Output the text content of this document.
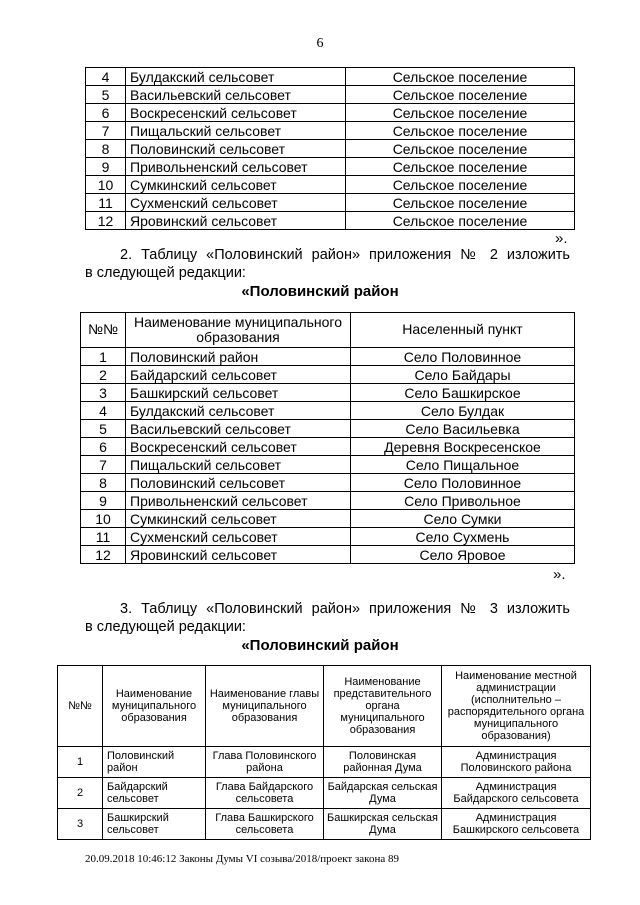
6
4	Булдакский сельсовет	Сельское поселение
5	Васильевский сельсовет	Сельское поселение
6	Воскресенский сельсовет	Сельское поселение
7	Пищальский сельсовет	Сельское поселение
8	Половинский сельсовет	Сельское поселение
9	Привольненский сельсовет	Сельское поселение
10	Сумкинский сельсовет	Сельское поселение
11	Сухменский сельсовет	Сельское поселение
12	Яровинский сельсовет	Сельское поселение
».
2. Таблицу «Половинский район» приложения № 2 изложить
в следующей редакции:
«Половинский район
№№	Наименование муниципального образования	Населенный пункт
1	Половинский район	Село Половинное
2	Байдарский сельсовет	Село Байдары
3	Башкирский сельсовет	Село Башкирское
4	Булдакский сельсовет	Село Булдак
5	Васильевский сельсовет	Село Васильевка
6	Воскресенский сельсовет	Деревня Воскресенское
7	Пищальский сельсовет	Село Пищальное
8	Половинский сельсовет	Село Половинное
9	Привольненский сельсовет	Село Привольное
10	Сумкинский сельсовет	Село Сумки
11	Сухменский сельсовет	Село Сухмень
12	Яровинский сельсовет	Село Яровое
».
3. Таблицу «Половинский район» приложения № 3 изложить
в следующей редакции:
«Половинский район
№№	Наименование муниципального образования	Наименование главы муниципального образования	Наименование представительного органа муниципального образования	Наименование местной администрации (исполнительно – распорядительного органа муниципального образования)
1	Половинский район	Глава Половинского района	Половинская районная Дума	Администрация Половинского района
2	Байдарский сельсовет	Глава Байдарского сельсовета	Байдарская сельская Дума	Администрация Байдарского сельсовета
3	Башкирский сельсовет	Глава Башкирского сельсовета	Башкирская сельская Дума	Администрация Башкирского сельсовета
20.09.2018 10:46:12 Законы Думы VI созыва/2018/проект закона 89
